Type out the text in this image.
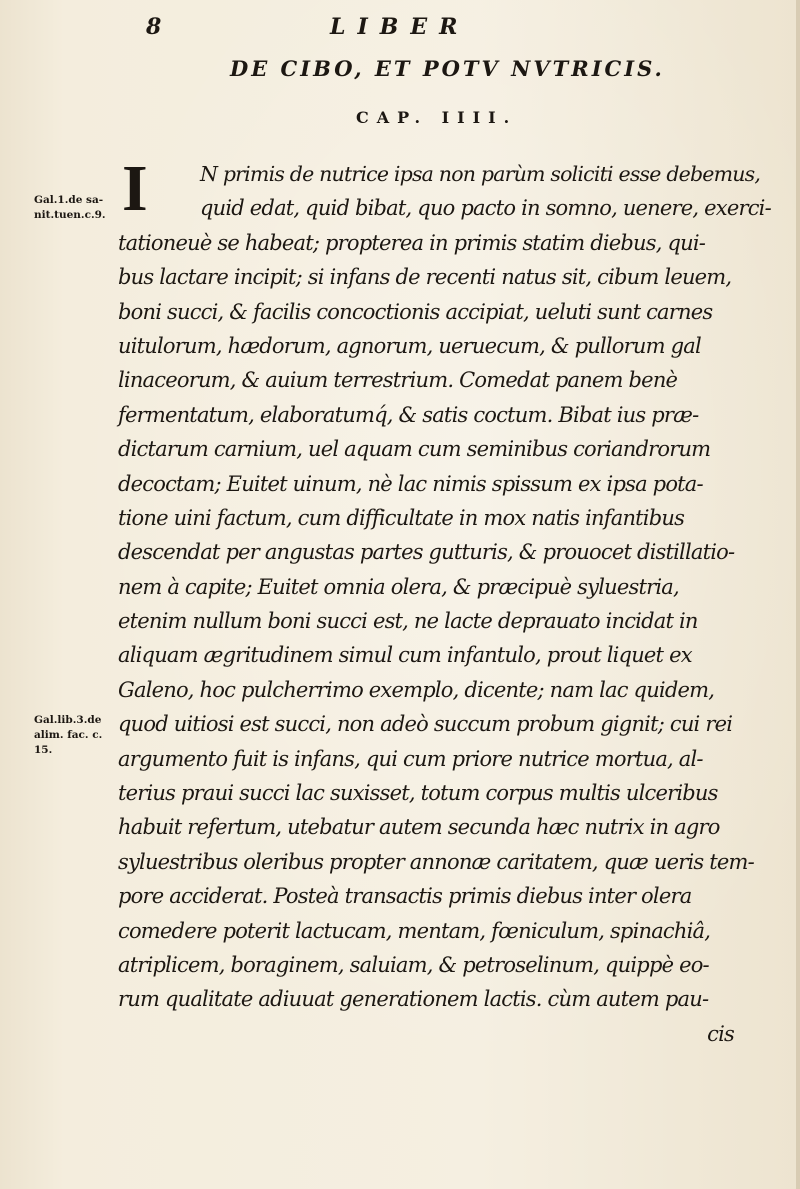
8	LIBER
DE CIBO, ET POTV NVTRICIS.
CAP. IIII.
Gal.1.de sa-
nit.tuen.c.9.
Gal.lib.3.de
alim. fac. c.
15.
I	N primis de nutrice ipsa non parùm soliciti esse debemus,
quid edat, quid bibat, quo pacto in somno, uenere, exerci-
tationeuè se habeat; propterea in primis statim diebus, qui-
bus lactare incipit; si infans de recenti natus sit, cibum leuem,
boni succi, & facilis concoctionis accipiat, ueluti sunt carnes
uitulorum, hædorum, agnorum, ueruecum, & pullorum gal
linaceorum, & auium terrestrium. Comedat panem benè
fermentatum, elaboratumq́, & satis coctum. Bibat ius præ-
dictarum carnium, uel aquam cum seminibus coriandrorum
decoctam; Euitet uinum, nè lac nimis spissum ex ipsa pota-
tione uini factum, cum difficultate in mox natis infantibus
descendat per angustas partes gutturis, & prouocet distillatio-
nem à capite; Euitet omnia olera, & præcipuè syluestria,
etenim nullum boni succi est, ne lacte deprauato incidat in
aliquam ægritudinem simul cum infantulo, prout liquet ex
Galeno, hoc pulcherrimo exemplo, dicente; nam lac quidem,
quod uitiosi est succi, non adeò succum probum gignit; cui rei
argumento fuit is infans, qui cum priore nutrice mortua, al-
terius praui succi lac suxisset, totum corpus multis ulceribus
habuit refertum, utebatur autem secunda hæc nutrix in agro
syluestribus oleribus propter annonæ caritatem, quæ ueris tem-
pore acciderat. Posteà transactis primis diebus inter olera
comedere poterit lactucam, mentam, fœniculum, spinachiâ,
atriplicem, boraginem, saluiam, & petroselinum, quippè eo-
rum qualitate adiuuat generationem lactis. cùm autem pau-
cis
